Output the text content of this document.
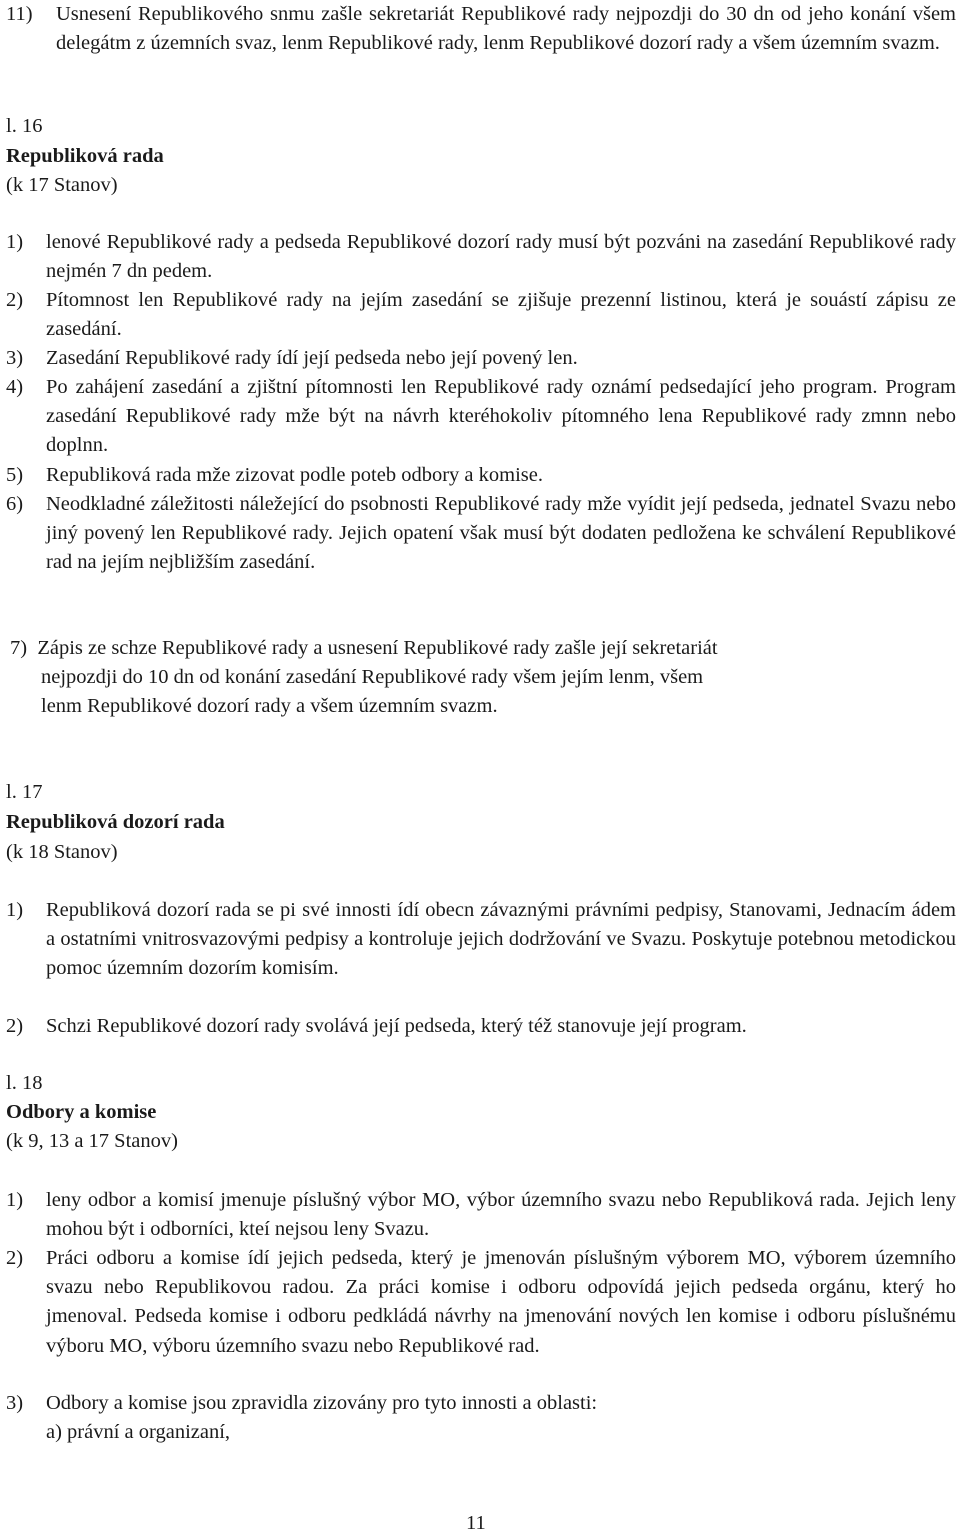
11) Usnesení Republikového snmu zašle sekretariát Republikové rady nejpozdji do 30 dn od jeho konání všem delegátm z územních svaz, lenm Republikové rady, lenm Republikové dozorí rady a všem územním svazm.
l. 16
Republiková rada
(k 17 Stanov)
1) lenové Republikové rady a pedseda Republikové dozorí rady musí být pozváni na zasedání Republikové rady nejmén 7 dn pedem.
2) Pítomnost len Republikové rady na jejím zasedání se zjišuje prezenní listinou, která je souástí zápisu ze zasedání.
3) Zasedání Republikové rady ídí její pedseda nebo její povený len.
4) Po zahájení zasedání a zjištní pítomnosti len Republikové rady oznámí pedsedající jeho program. Program zasedání Republikové rady mže být na návrh kteréhokoliv pítomného lena Republikové rady zmnn nebo doplnn.
5) Republiková rada mže zizovat podle poteb odbory a komise.
6) Neodkladné záležitosti náležející do psobnosti Republikové rady mže vyídit její pedseda, jednatel Svazu nebo jiný povený len Republikové rady. Jejich opatení však musí být dodaten pedložena ke schválení Republikové rad na jejím nejbližším zasedání.
7) Zápis ze schze Republikové rady a usnesení Republikové rady zašle její sekretariát
nejpozdji do 10 dn od konání zasedání Republikové rady všem jejím lenm, všem
lenm Republikové dozorí rady a všem územním svazm.
l. 17
Republiková dozorí rada
(k 18 Stanov)
1) Republiková dozorí rada se pi své innosti ídí obecn závaznými právními pedpisy, Stanovami, Jednacím ádem a ostatními vnitrosvazovými pedpisy a kontroluje jejich dodržování ve Svazu. Poskytuje potebnou metodickou pomoc územním dozorím komisím.
2) Schzi Republikové dozorí rady svolává její pedseda, který též stanovuje její program.
l. 18
Odbory a komise
(k 9, 13 a 17 Stanov)
1) leny odbor a komisí jmenuje píslušný výbor MO, výbor územního svazu nebo Republiková rada. Jejich leny mohou být i odborníci, kteí nejsou leny Svazu.
2) Práci odboru a komise ídí jejich pedseda, který je jmenován píslušným výborem MO, výborem územního svazu nebo Republikovou radou. Za práci komise i odboru odpovídá jejich pedseda orgánu, který ho jmenoval. Pedseda komise i odboru pedkládá návrhy na jmenování nových len komise i odboru píslušnému výboru MO, výboru územního svazu nebo Republikové rad.
3) Odbory a komise jsou zpravidla zizovány pro tyto innosti a oblasti:
a) právní a organizaní,
11
